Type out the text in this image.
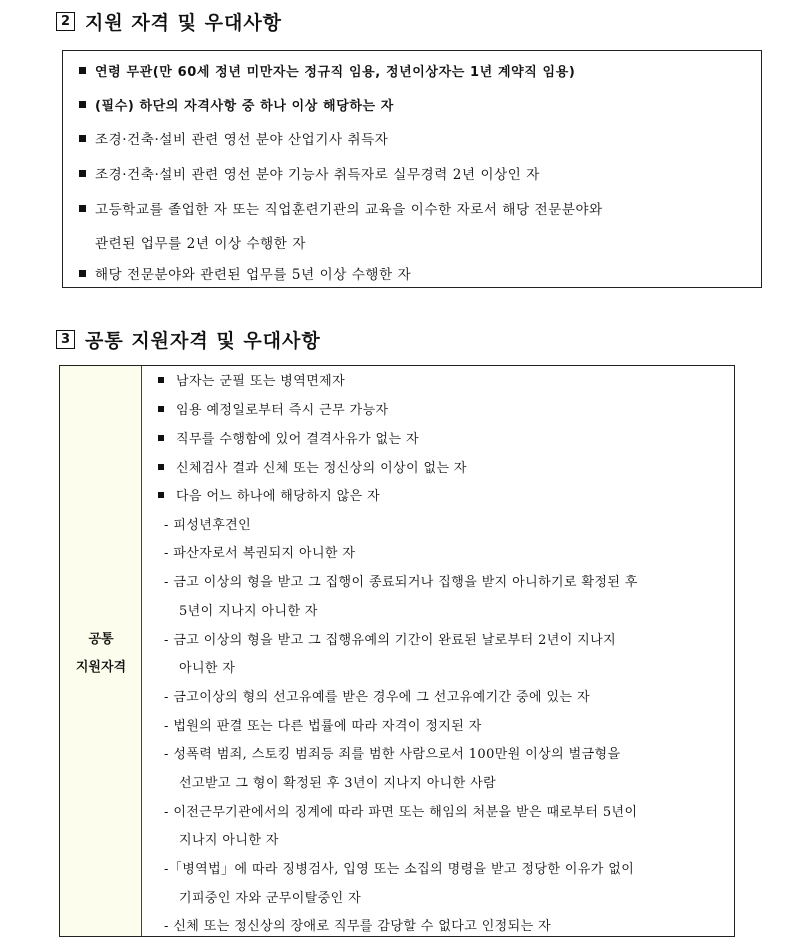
2 지원 자격 및 우대사항
연령 무관(만 60세 정년 미만자는 정규직 임용, 정년이상자는 1년 계약직 임용)
(필수) 하단의 자격사항 중 하나 이상 해당하는 자
조경·건축·설비 관련 영선 분야 산업기사 취득자
조경·건축·설비 관련 영선 분야 기능사 취득자로 실무경력 2년 이상인 자
고등학교를 졸업한 자 또는 직업훈련기관의 교육을 이수한 자로서 해당 전문분야와
관련된 업무를 2년 이상 수행한 자
해당 전문분야와 관련된 업무를 5년 이상 수행한 자
3 공통 지원자격 및 우대사항
공통
지원자격
남자는 군필 또는 병역면제자
임용 예정일로부터 즉시 근무 가능자
직무를 수행함에 있어 결격사유가 없는 자
신체검사 결과 신체 또는 정신상의 이상이 없는 자
다음 어느 하나에 해당하지 않은 자
- 피성년후견인
- 파산자로서 복권되지 아니한 자
- 금고 이상의 형을 받고 그 집행이 종료되거나 집행을 받지 아니하기로 확정된 후
5년이 지나지 아니한 자
- 금고 이상의 형을 받고 그 집행유예의 기간이 완료된 날로부터 2년이 지나지
아니한 자
- 금고이상의 형의 선고유예를 받은 경우에 그 선고유예기간 중에 있는 자
- 법원의 판결 또는 다른 법률에 따라 자격이 정지된 자
- 성폭력 범죄, 스토킹 범죄등 죄를 범한 사람으로서 100만원 이상의 벌금형을
선고받고 그 형이 확정된 후 3년이 지나지 아니한 사람
- 이전근무기관에서의 징계에 따라 파면 또는 해임의 처분을 받은 때로부터 5년이
지나지 아니한 자
-「병역법」에 따라 징병검사, 입영 또는 소집의 명령을 받고 정당한 이유가 없이
기피중인 자와 군무이탈중인 자
- 신체 또는 정신상의 장애로 직무를 감당할 수 없다고 인정되는 자
